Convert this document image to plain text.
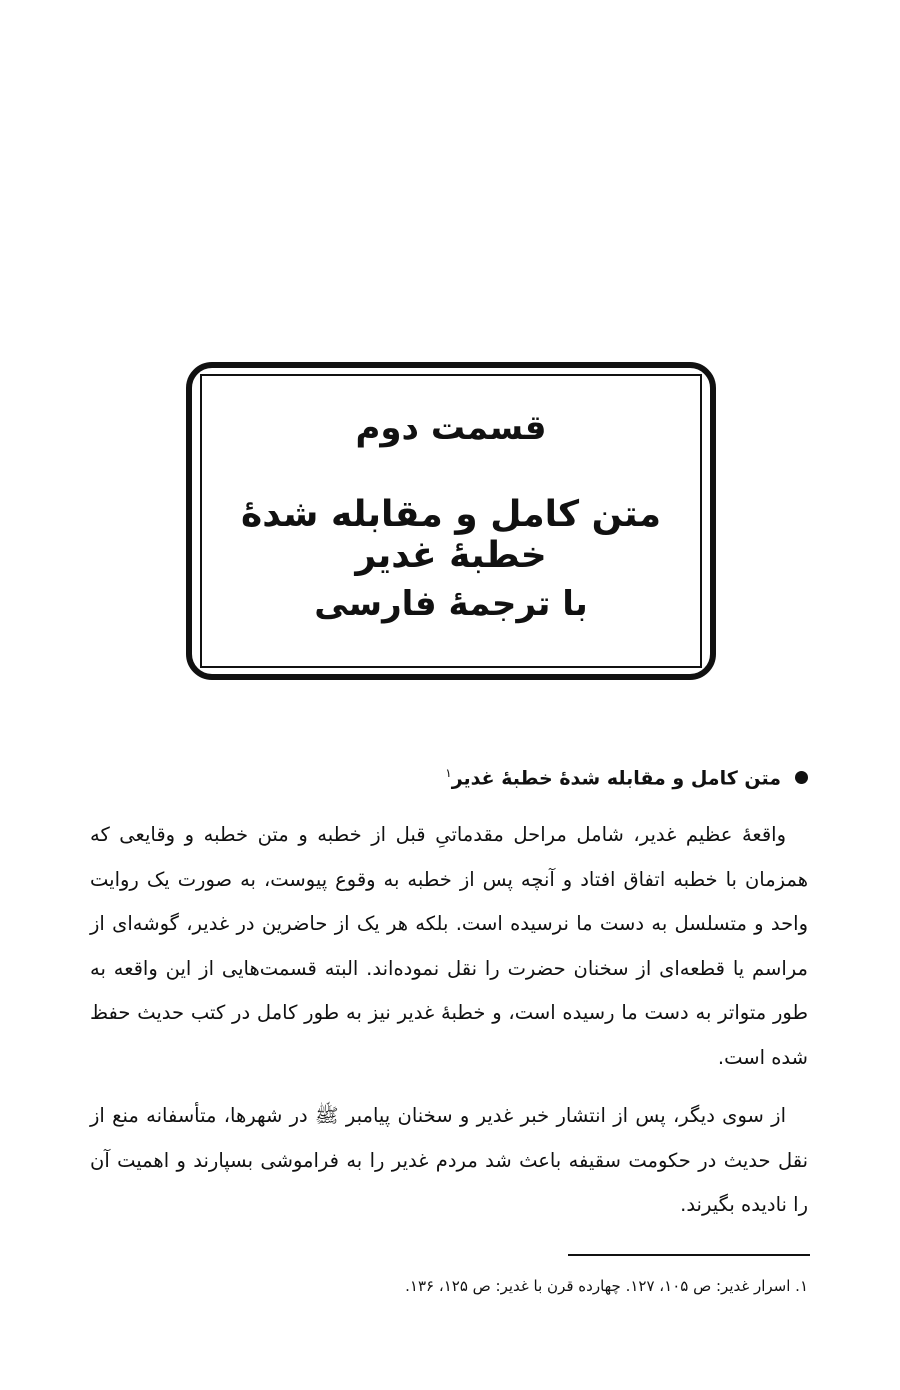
قسمت دوم
متن کامل و مقابله شدۀ خطبۀ غدیر
با ترجمۀ فارسی
متن کامل و مقابله شدۀ خطبۀ غدیر$^۱$

واقعۀ عظیم غدیر، شامل مراحل مقدماتیِ قبل از خطبه و متن خطبه و وقایعی که همزمان با خطبه اتفاق افتاد و آنچه پس از خطبه به وقوع پیوست، به صورت یک روایت واحد و متسلسل به دست ما نرسیده است. بلکه هر یک از حاضرین در غدیر، گوشه‌ای از مراسم یا قطعه‌ای از سخنان حضرت را نقل نموده‌اند. البته قسمت‌هایی از این واقعه به طور متواتر به دست ما رسیده است، و خطبۀ غدیر نیز به طور کامل در کتب حدیث حفظ شده است.

از سوی دیگر، پس از انتشار خبر غدیر و سخنان پیامبر ﷺ در شهرها، متأسفانه منع از نقل حدیث در حکومت سقیفه باعث شد مردم غدیر را به فراموشی بسپارند و اهمیت آن را نادیده بگیرند.

۱. اسرار غدیر: ص ۱۰۵، ۱۲۷. چهارده قرن با غدیر: ص ۱۲۵، ۱۳۶.
